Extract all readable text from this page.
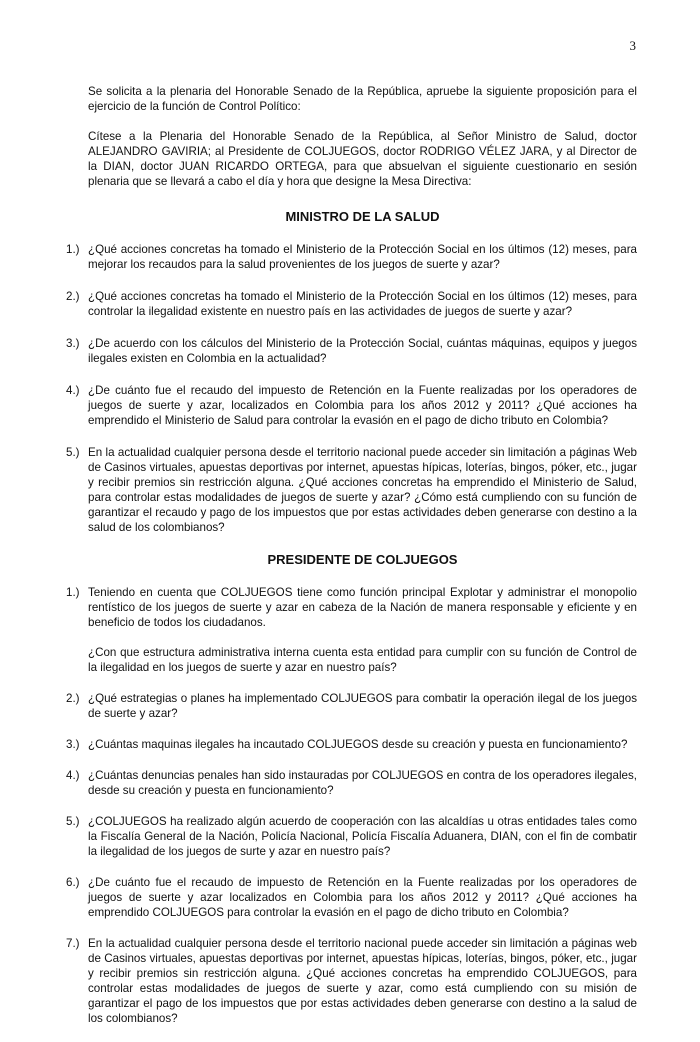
3

Se solicita a la plenaria del Honorable Senado de la República, apruebe la siguiente proposición para el ejercicio de la función de Control Político:

Cítese a la Plenaria del Honorable Senado de la República, al Señor Ministro de Salud, doctor ALEJANDRO GAVIRIA; al Presidente de COLJUEGOS, doctor RODRIGO VÉLEZ JARA, y al Director de la DIAN, doctor JUAN RICARDO ORTEGA, para que absuelvan el siguiente cuestionario en sesión plenaria que se llevará a cabo el día y hora que designe la Mesa Directiva:

MINISTRO DE LA SALUD
1.) ¿Qué acciones concretas ha tomado el Ministerio de la Protección Social en los últimos (12) meses, para mejorar los recaudos para la salud provenientes de los juegos de suerte y azar?

2.) ¿Qué acciones concretas ha tomado el Ministerio de la Protección Social en los últimos (12) meses, para controlar la ilegalidad existente en nuestro país en las actividades de juegos de suerte y azar?

3.) ¿De acuerdo con los cálculos del Ministerio de la Protección Social, cuántas máquinas, equipos y juegos ilegales existen en Colombia en la actualidad?

4.) ¿De cuánto fue el recaudo del impuesto de Retención en la Fuente realizadas por los operadores de juegos de suerte y azar, localizados en Colombia para los años 2012 y 2011? ¿Qué acciones ha emprendido el Ministerio de Salud para controlar la evasión en el pago de dicho tributo en Colombia?

5.) En la actualidad cualquier persona desde el territorio nacional puede acceder sin limitación a páginas Web de Casinos virtuales, apuestas deportivas por internet, apuestas hípicas, loterías, bingos, póker, etc., jugar y recibir premios sin restricción alguna. ¿Qué acciones concretas ha emprendido el Ministerio de Salud, para controlar estas modalidades de juegos de suerte y azar? ¿Cómo está cumpliendo con su función de garantizar el recaudo y pago de los impuestos que por estas actividades deben generarse con destino a la salud de los colombianos?

PRESIDENTE DE COLJUEGOS
1.) Teniendo en cuenta que COLJUEGOS tiene como función principal Explotar y administrar el monopolio rentístico de los juegos de suerte y azar en cabeza de la Nación de manera responsable y eficiente y en beneficio de todos los ciudadanos.

¿Con que estructura administrativa interna cuenta esta entidad para cumplir con su función de Control de la ilegalidad en los juegos de suerte y azar en nuestro país?

2.) ¿Qué estrategias o planes ha implementado COLJUEGOS para combatir la operación ilegal de los juegos de suerte y azar?

3.) ¿Cuántas maquinas ilegales ha incautado COLJUEGOS desde su creación y puesta en funcionamiento?

4.) ¿Cuántas denuncias penales han sido instauradas por COLJUEGOS en contra de los operadores ilegales, desde su creación y puesta en funcionamiento?

5.) ¿COLJUEGOS ha realizado algún acuerdo de cooperación con las alcaldías u otras entidades tales como la Fiscalía General de la Nación, Policía Nacional, Policía Fiscalía Aduanera, DIAN, con el fin de combatir la ilegalidad de los juegos de surte y azar en nuestro país?

6.) ¿De cuánto fue el recaudo de impuesto de Retención en la Fuente realizadas por los operadores de juegos de suerte y azar localizados en Colombia para los años 2012 y 2011? ¿Qué acciones ha emprendido COLJUEGOS para controlar la evasión en el pago de dicho tributo en Colombia?

7.) En la actualidad cualquier persona desde el territorio nacional puede acceder sin limitación a páginas web de Casinos virtuales, apuestas deportivas por internet, apuestas hípicas, loterías, bingos, póker, etc., jugar y recibir premios sin restricción alguna. ¿Qué acciones concretas ha emprendido COLJUEGOS, para controlar estas modalidades de juegos de suerte y azar, como está cumpliendo con su misión de garantizar el pago de los impuestos que por estas actividades deben generarse con destino a la salud de los colombianos?
